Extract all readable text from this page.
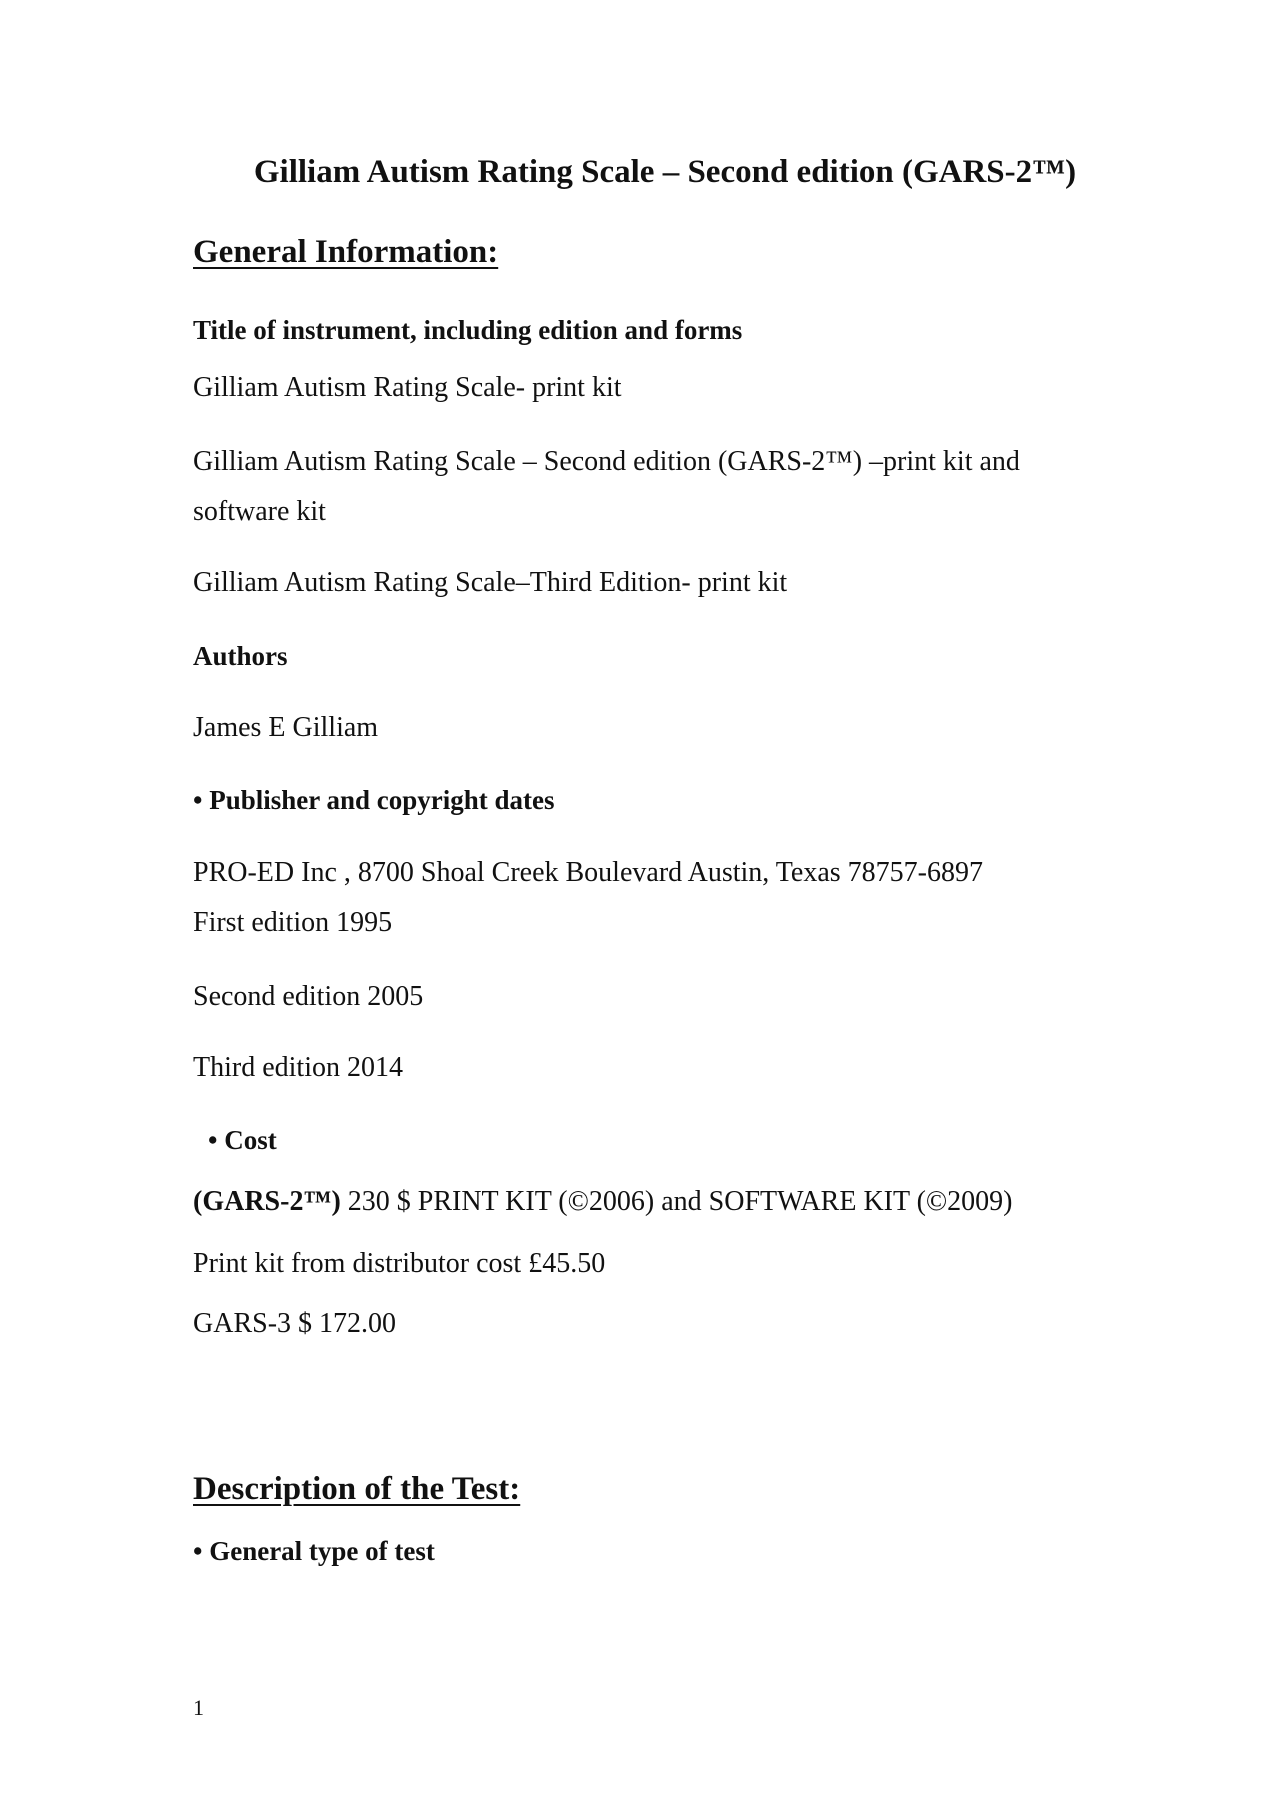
Gilliam Autism Rating Scale – Second edition (GARS-2™)
General Information:
Title of instrument, including edition and forms
Gilliam Autism Rating Scale- print kit
Gilliam Autism Rating Scale – Second edition (GARS-2™) –print kit and
software kit
Gilliam Autism Rating Scale–Third Edition- print kit
Authors
James E Gilliam
• Publisher and copyright dates
PRO-ED Inc , 8700 Shoal Creek Boulevard Austin, Texas 78757-6897
First edition 1995
Second edition 2005
Third edition 2014
• Cost
(GARS-2™) 230 $ PRINT KIT (©2006) and SOFTWARE KIT (©2009)
Print kit from distributor cost £45.50
GARS-3 $ 172.00
Description of the Test:
• General type of test
1
